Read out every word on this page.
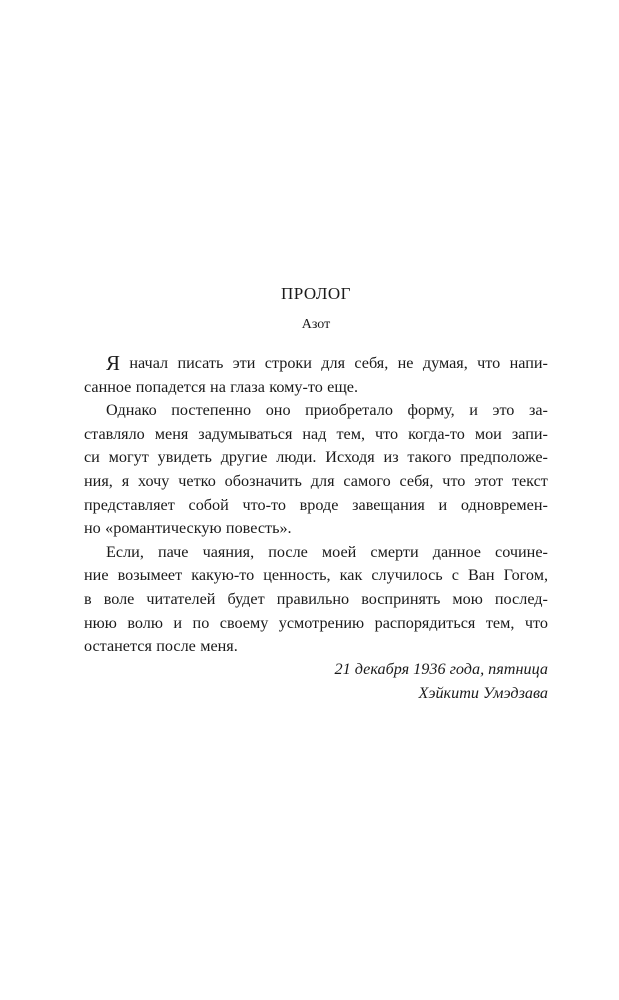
ПРОЛОГ
Азот
Я начал писать эти строки для себя, не думая, что напи-
санное попадется на глаза кому-то еще.
Однако постепенно оно приобретало форму, и это за-
ставляло меня задумываться над тем, что когда-то мои запи-
си могут увидеть другие люди. Исходя из такого предположе-
ния, я хочу четко обозначить для самого себя, что этот текст
представляет собой что-то вроде завещания и одновремен-
но «романтическую повесть».
Если, паче чаяния, после моей смерти данное сочине-
ние возымеет какую-то ценность, как случилось с Ван Гогом,
в воле читателей будет правильно воспринять мою послед-
нюю волю и по своему усмотрению распорядиться тем, что
останется после меня.
21 декабря 1936 года, пятница
Хэйкити Умэдзава
